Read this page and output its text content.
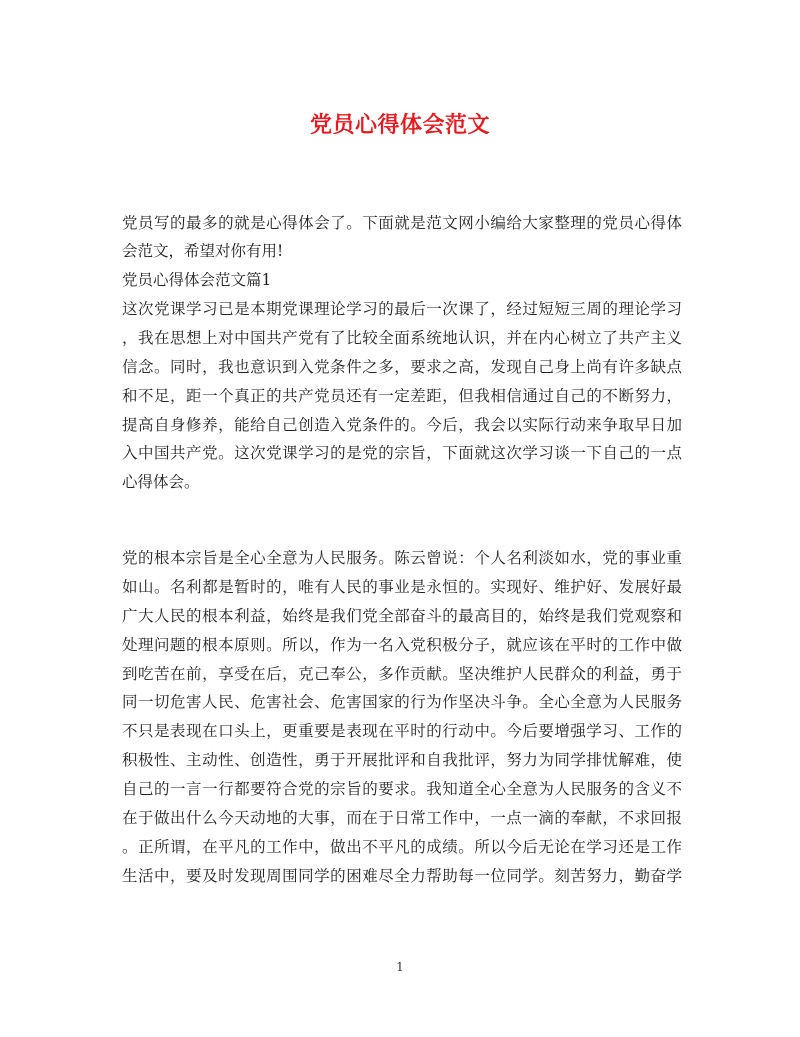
党员心得体会范文
党员写的最多的就是心得体会了。下面就是范文网小编给大家整理的党员心得体
会范文，希望对你有用!
党员心得体会范文篇1
这次党课学习已是本期党课理论学习的最后一次课了，经过短短三周的理论学习
，我在思想上对中国共产党有了比较全面系统地认识，并在内心树立了共产主义
信念。同时，我也意识到入党条件之多，要求之高，发现自己身上尚有许多缺点
和不足，距一个真正的共产党员还有一定差距，但我相信通过自己的不断努力，
提高自身修养，能给自己创造入党条件的。今后，我会以实际行动来争取早日加
入中国共产党。这次党课学习的是党的宗旨，下面就这次学习谈一下自己的一点
心得体会。
党的根本宗旨是全心全意为人民服务。陈云曾说：个人名利淡如水，党的事业重
如山。名利都是暂时的，唯有人民的事业是永恒的。实现好、维护好、发展好最
广大人民的根本利益，始终是我们党全部奋斗的最高目的，始终是我们党观察和
处理问题的根本原则。所以，作为一名入党积极分子，就应该在平时的工作中做
到吃苦在前，享受在后，克己奉公，多作贡献。坚决维护人民群众的利益，勇于
同一切危害人民、危害社会、危害国家的行为作坚决斗争。全心全意为人民服务
不只是表现在口头上，更重要是表现在平时的行动中。今后要增强学习、工作的
积极性、主动性、创造性，勇于开展批评和自我批评，努力为同学排忧解难，使
自己的一言一行都要符合党的宗旨的要求。我知道全心全意为人民服务的含义不
在于做出什么今天动地的大事，而在于日常工作中，一点一滴的奉献，不求回报
。正所谓，在平凡的工作中，做出不平凡的成绩。所以今后无论在学习还是工作
生活中，要及时发现周围同学的困难尽全力帮助每一位同学。刻苦努力，勤奋学
1
